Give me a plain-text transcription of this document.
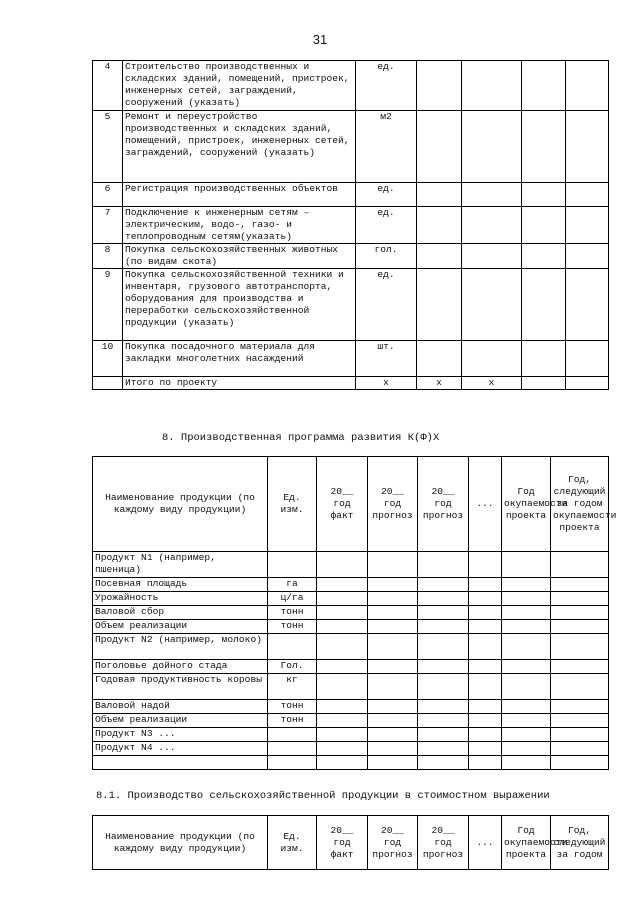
31
4	Строительство производственных и складских зданий, помещений, пристроек, инженерных сетей, заграждений, сооружений (указать)	ед.				
5	Ремонт и переустройство производственных и складских зданий, помещений, пристроек, инженерных сетей, заграждений, сооружений (указать)	м2				
6	Регистрация производственных объектов	ед.				
7	Подключение к инженерным сетям – электрическим, водо-, газо- и теплопроводным сетям(указать)	ед.				
8	Покупка сельскохозяйственных животных (по видам скота)	гол.				
9	Покупка сельскохозяйственной техники и инвентаря, грузового автотранспорта, оборудования для производства и переработки сельскохозяйственной продукции (указать)	ед.				
10	Покупка посадочного материала для закладки многолетних насаждений	шт.				
	Итого по проекту	х	х	х		
8. Производственная программа развития К(Ф)Х
Наименование продукции (по каждому виду продукции)	Ед. изм.	20__ год факт	20__ год прогноз	20__ год прогноз	...	Год окупаемости проекта	Год, следующий за годом окупаемости проекта
Продукт N1 (например, пшеница)							
Посевная площадь	га						
Урожайность	ц/га						
Валовой сбор	тонн						
Объем реализации	тонн						
Продукт N2 (например, молоко)							
Поголовье дойного стада	Гол.						
Годовая продуктивность коровы	кг						
Валовой надой	тонн						
Объем реализации	тонн						
Продукт N3 ...							
Продукт N4 ...							

8.1. Производство сельскохозяйственной продукции в стоимостном выражении
Наименование продукции (по каждому виду продукции)	Ед. изм.	20__ год факт	20__ год прогноз	20__ год прогноз	...	Год окупаемости проекта	Год, следующий за годом
